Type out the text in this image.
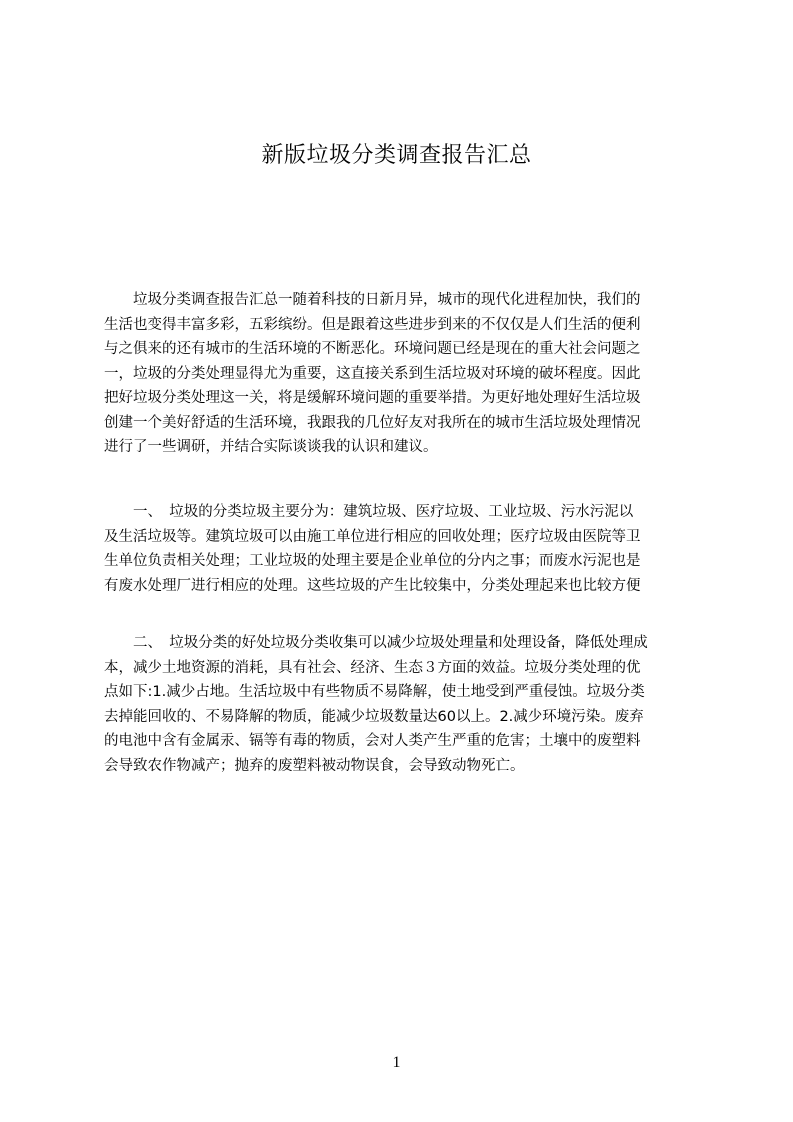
新版垃圾分类调查报告汇总

　　垃圾分类调查报告汇总一随着科技的日新月异，城市的现代化进程加快，我们的
生活也变得丰富多彩，五彩缤纷。但是跟着这些进步到来的不仅仅是人们生活的便利
与之俱来的还有城市的生活环境的不断恶化。环境问题已经是现在的重大社会问题之
一，垃圾的分类处理显得尤为重要，这直接关系到生活垃圾对环境的破坏程度。因此
把好垃圾分类处理这一关，将是缓解环境问题的重要举措。为更好地处理好生活垃圾
创建一个美好舒适的生活环境，我跟我的几位好友对我所在的城市生活垃圾处理情况
进行了一些调研，并结合实际谈谈我的认识和建议。

　　一、　垃圾的分类垃圾主要分为：建筑垃圾、医疗垃圾、工业垃圾、污水污泥以
及生活垃圾等。建筑垃圾可以由施工单位进行相应的回收处理；医疗垃圾由医院等卫
生单位负责相关处理；工业垃圾的处理主要是企业单位的分内之事；而废水污泥也是
有废水处理厂进行相应的处理。这些垃圾的产生比较集中，分类处理起来也比较方便

　　二、　垃圾分类的好处垃圾分类收集可以减少垃圾处理量和处理设备，降低处理成
本，减少土地资源的消耗，具有社会、经济、生态３方面的效益。垃圾分类处理的优
点如下:1.减少占地。生活垃圾中有些物质不易降解，使土地受到严重侵蚀。垃圾分类
去掉能回收的、不易降解的物质，能减少垃圾数量达60以上。2.减少环境污染。废弃
的电池中含有金属汞、镉等有毒的物质，会对人类产生严重的危害；土壤中的废塑料
会导致农作物减产；抛弃的废塑料被动物误食，会导致动物死亡。

1
